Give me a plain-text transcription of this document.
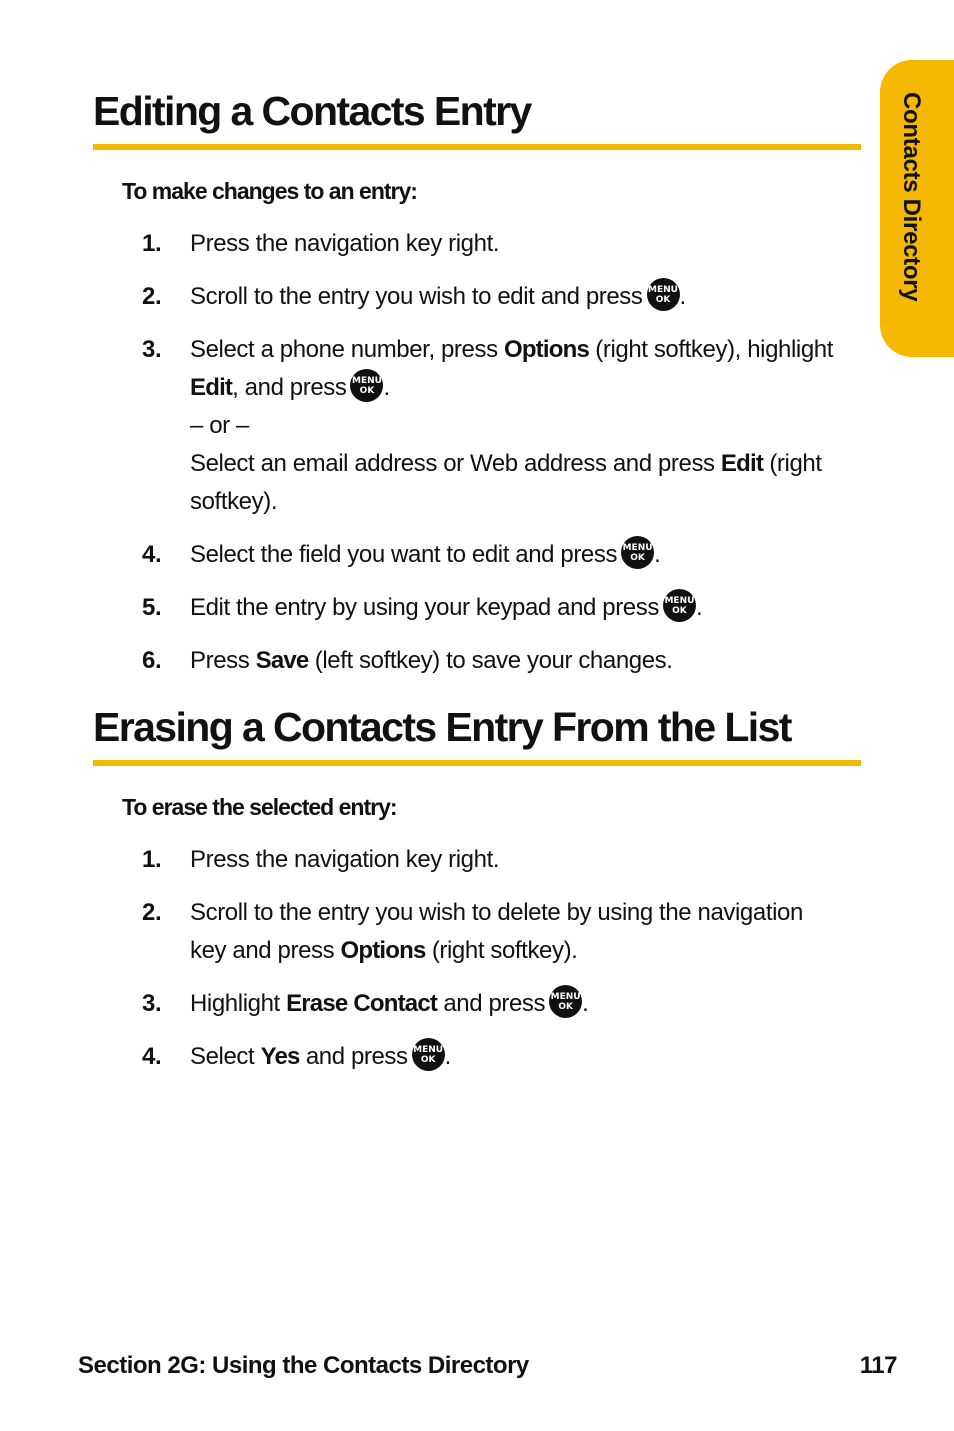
Contacts Directory
Editing a Contacts Entry
To make changes to an entry:
1. Press the navigation key right.
2. Scroll to the entry you wish to edit and press MENU
OK .
3. Select a phone number, press Options (right softkey), highlight Edit, and press MENU
OK .
– or –
Select an email address or Web address and press Edit (right softkey).
4. Select the field you want to edit and press MENU
OK .
5. Edit the entry by using your keypad and press MENU
OK .
6. Press Save (left softkey) to save your changes.
Erasing a Contacts Entry From the List
To erase the selected entry:
1. Press the navigation key right.
2. Scroll to the entry you wish to delete by using the navigation key and press Options (right softkey).
3. Highlight Erase Contact and press MENU
OK .
4. Select Yes and press MENU
OK .
Section 2G: Using the Contacts Directory	117
